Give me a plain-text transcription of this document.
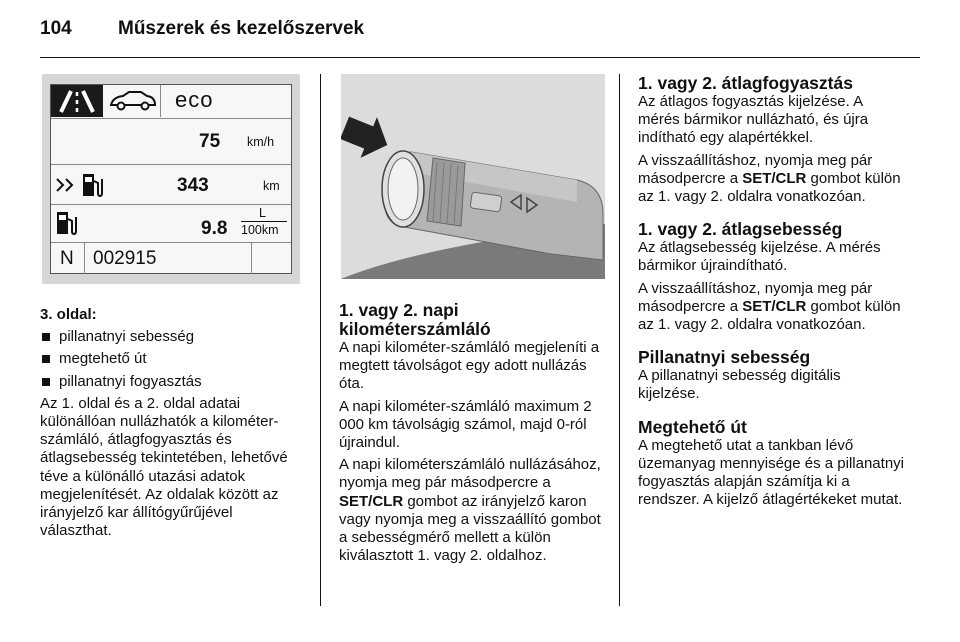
104	Műszerek és kezelőszervek
eco
75 km/h
343	km
9.8
L
100km
N 002915

3. oldal:

pillanatnyi sebesség
megtehető út
pillanatnyi fogyasztás

Az 1. oldal és a 2. oldal adatai különállóan nullázhatók a kilométer-számláló, átlagfogyasztás és átlagsebesség tekintetében, lehetővé téve a különálló utazási adatok megjelenítését. Az oldalak között az irányjelző kar állítógyűrűjével választhat.

1. vagy 2. napi kilométerszámláló

A napi kilométer-számláló megjeleníti a megtett távolságot egy adott nullázás óta.

A napi kilométer-számláló maximum 2 000 km távolságig számol, majd 0-ról újraindul.

A napi kilométerszámláló nullázásához, nyomja meg pár másodpercre a SET/CLR gombot az irányjelző karon vagy nyomja meg a visszaállító gombot a sebességmérő mellett a külön kiválasztott 1. vagy 2. oldalhoz.

1. vagy 2. átlagfogyasztás

Az átlagos fogyasztás kijelzése. A mérés bármikor nullázható, és újra indítható egy alapértékkel.

A visszaállításhoz, nyomja meg pár másodpercre a SET/CLR gombot külön az 1. vagy 2. oldalra vonatkozóan.

1. vagy 2. átlagsebesség

Az átlagsebesség kijelzése. A mérés bármikor újraindítható.

A visszaállításhoz, nyomja meg pár másodpercre a SET/CLR gombot külön az 1. vagy 2. oldalra vonatkozóan.

Pillanatnyi sebesség

A pillanatnyi sebesség digitális kijelzése.

Megtehető út

A megtehető utat a tankban lévő üzemanyag mennyisége és a pillanatnyi fogyasztás alapján számítja ki a rendszer. A kijelző átlagértékeket mutat.
